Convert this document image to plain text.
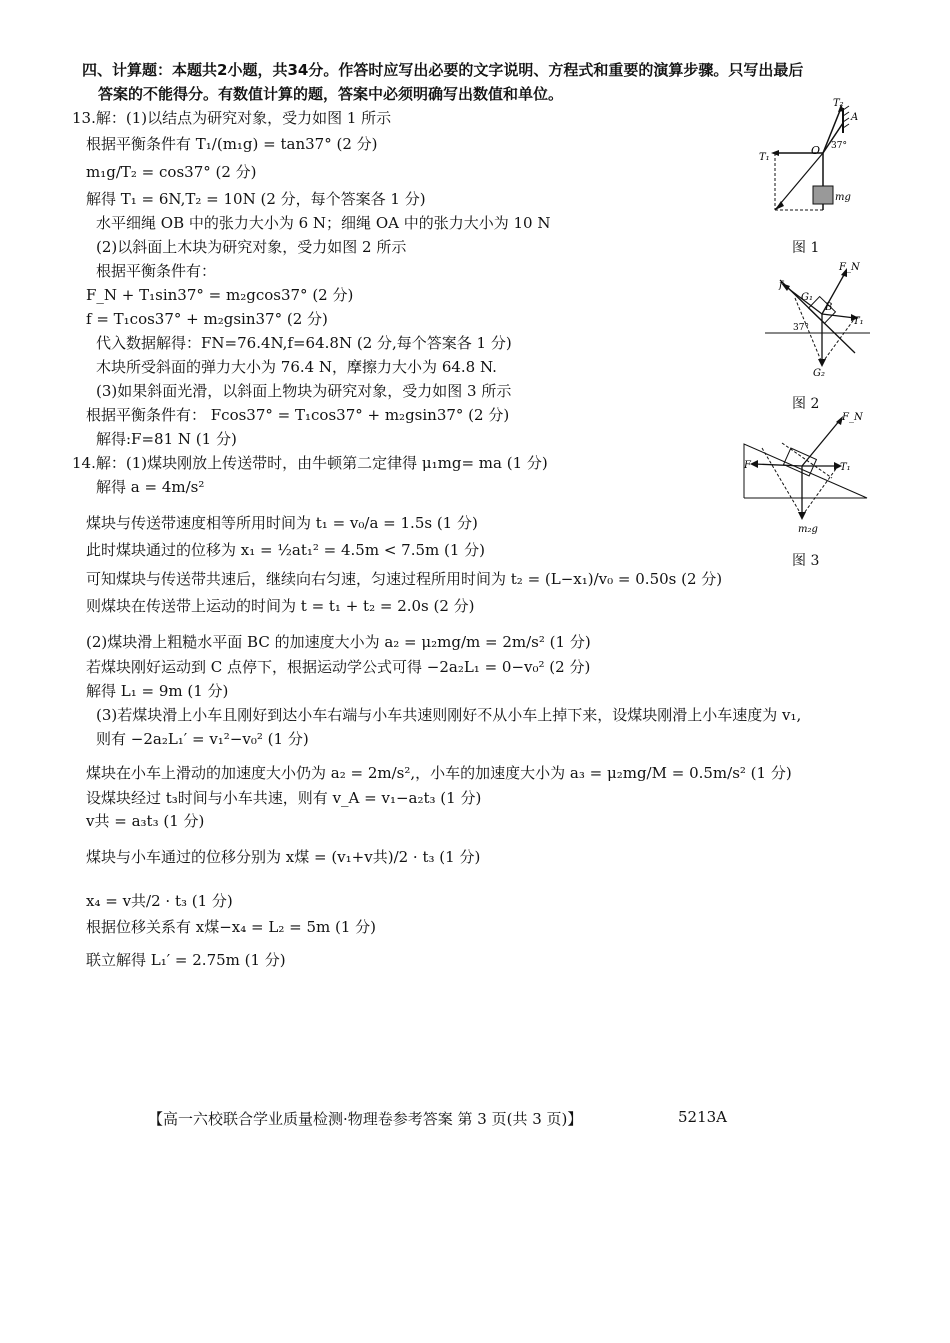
四、计算题：本题共2小题，共34分。作答时应写出必要的文字说明、方程式和重要的演算步骤。只写出最后
答案的不能得分。有数值计算的题，答案中必须明确写出数值和单位。
13.解：(1)以结点为研究对象，受力如图 1 所示
根据平衡条件有 T₁/(m₁g) = tan37° (2 分)
m₁g/T₂ = cos37° (2 分)
解得 T₁ = 6N,T₂ = 10N (2 分，每个答案各 1 分)
水平细绳 OB 中的张力大小为 6 N；细绳 OA 中的张力大小为 10 N
(2)以斜面上木块为研究对象，受力如图 2 所示
根据平衡条件有：
F_N + T₁sin37° = m₂gcos37° (2 分)
f = T₁cos37° + m₂gsin37° (2 分)
代入数据解得：FN=76.4N,f=64.8N (2 分,每个答案各 1 分)
木块所受斜面的弹力大小为 76.4 N，摩擦力大小为 64.8 N.
(3)如果斜面光滑，以斜面上物块为研究对象，受力如图 3 所示
根据平衡条件有： Fcos37° = T₁cos37° + m₂gsin37° (2 分)
解得:F=81 N (1 分)
14.解：(1)煤块刚放上传送带时，由牛顿第二定律得 μ₁mg= ma (1 分)
解得 a = 4m/s²
煤块与传送带速度相等所用时间为 t₁ = v₀/a = 1.5s (1 分)
此时煤块通过的位移为 x₁ = ½at₁² = 4.5m < 7.5m (1 分)
可知煤块与传送带共速后，继续向右匀速，匀速过程所用时间为 t₂ = (L−x₁)/v₀ = 0.50s (2 分)
则煤块在传送带上运动的时间为 t = t₁ + t₂ = 2.0s (2 分)
(2)煤块滑上粗糙水平面 BC 的加速度大小为 a₂ = μ₂mg/m = 2m/s² (1 分)
若煤块刚好运动到 C 点停下，根据运动学公式可得 −2a₂L₁ = 0−v₀² (2 分)
解得 L₁ = 9m (1 分)
(3)若煤块滑上小车且刚好到达小车右端与小车共速则刚好不从小车上掉下来，设煤块刚滑上小车速度为 v₁,
则有 −2a₂L₁′ = v₁²−v₀² (1 分)
煤块在小车上滑动的加速度大小仍为 a₂ = 2m/s²,，小车的加速度大小为 a₃ = μ₂mg/M = 0.5m/s² (1 分)
设煤块经过 t₃时间与小车共速，则有 v_A = v₁−a₂t₃ (1 分)
v共 = a₃t₃ (1 分)
煤块与小车通过的位移分别为 x煤 = (v₁+v共)/2 · t₃ (1 分)
x₄ = v共/2 · t₃ (1 分)
根据位移关系有 x煤−x₄ = L₂ = 5m (1 分)
联立解得 L₁′ = 2.75m (1 分)
T₂
A
O 37°
T₁
mg
图 1
F_N
f
G₁
B
37°
T₁
G₂
图 2
F_N
F	T₁
m₂g
图 3
【高一六校联合学业质量检测·物理卷参考答案 第 3 页(共 3 页)】	5213A
